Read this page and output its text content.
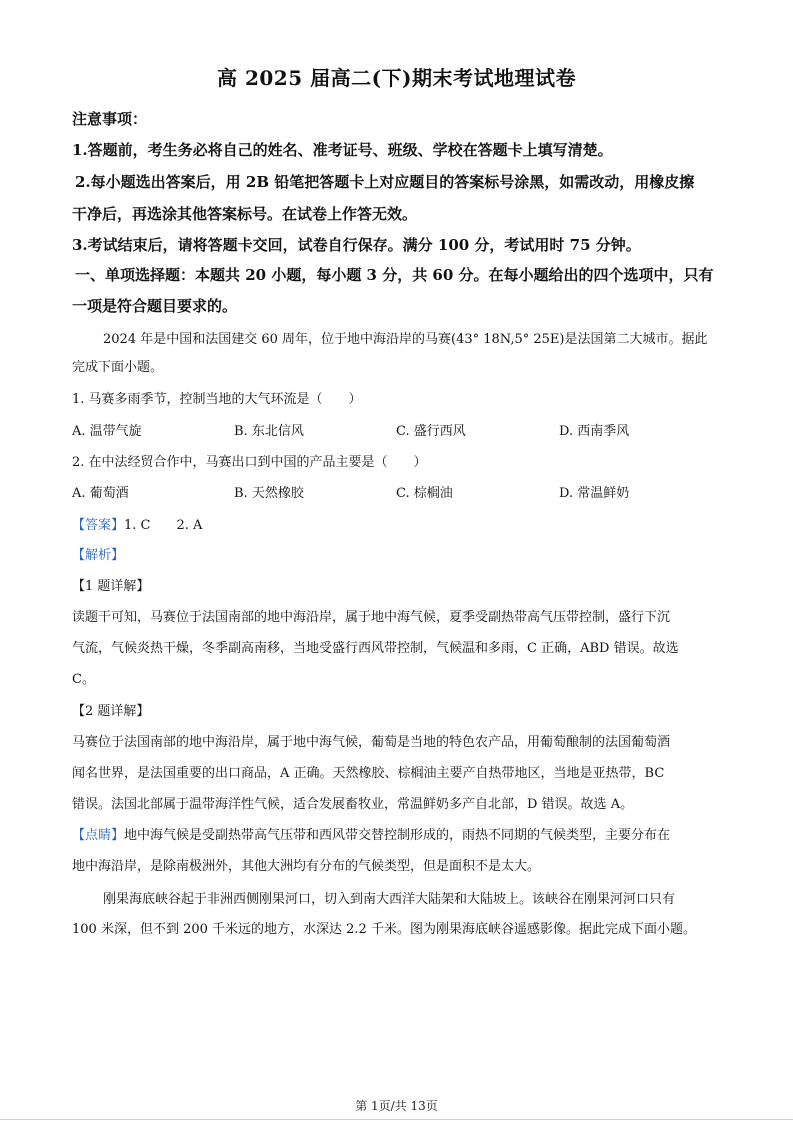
高 2025 届高二(下)期末考试地理试卷
注意事项：
1.答题前，考生务必将自己的姓名、准考证号、班级、学校在答题卡上填写清楚。
2.每小题选出答案后，用 2B 铅笔把答题卡上对应题目的答案标号涂黑，如需改动，用橡皮擦
干净后，再选涂其他答案标号。在试卷上作答无效。
3.考试结束后，请将答题卡交回，试卷自行保存。满分 100 分，考试用时 75 分钟。
一、单项选择题：本题共 20 小题，每小题 3 分，共 60 分。在每小题给出的四个选项中，只有
一项是符合题目要求的。
2024 年是中国和法国建交 60 周年，位于地中海沿岸的马赛(43° 18N,5° 25E)是法国第二大城市。据此
完成下面小题。
1. 马赛多雨季节，控制当地的大气环流是（　　）
A. 温带气旋	B. 东北信风	C. 盛行西风	D. 西南季风
2. 在中法经贸合作中，马赛出口到中国的产品主要是（　　）
A. 葡萄酒	B. 天然橡胶	C. 棕榈油	D. 常温鲜奶
【答案】1. C 2. A
【解析】
【1 题详解】
读题干可知，马赛位于法国南部的地中海沿岸，属于地中海气候，夏季受副热带高气压带控制，盛行下沉
气流，气候炎热干燥，冬季副高南移，当地受盛行西风带控制，气候温和多雨，C 正确，ABD 错误。故选
C。
【2 题详解】
马赛位于法国南部的地中海沿岸，属于地中海气候，葡萄是当地的特色农产品，用葡萄酿制的法国葡萄酒
闻名世界，是法国重要的出口商品，A 正确。天然橡胶、棕榈油主要产自热带地区，当地是亚热带，BC
错误。法国北部属于温带海洋性气候，适合发展畜牧业，常温鲜奶多产自北部，D 错误。故选 A。
【点睛】地中海气候是受副热带高气压带和西风带交替控制形成的，雨热不同期的气候类型，主要分布在
地中海沿岸，是除南极洲外，其他大洲均有分布的气候类型，但是面积不是太大。
刚果海底峡谷起于非洲西侧刚果河口，切入到南大西洋大陆架和大陆坡上。该峡谷在刚果河河口只有
100 米深，但不到 200 千米远的地方，水深达 2.2 千米。图为刚果海底峡谷遥感影像。据此完成下面小题。
第 1页/共 13页
